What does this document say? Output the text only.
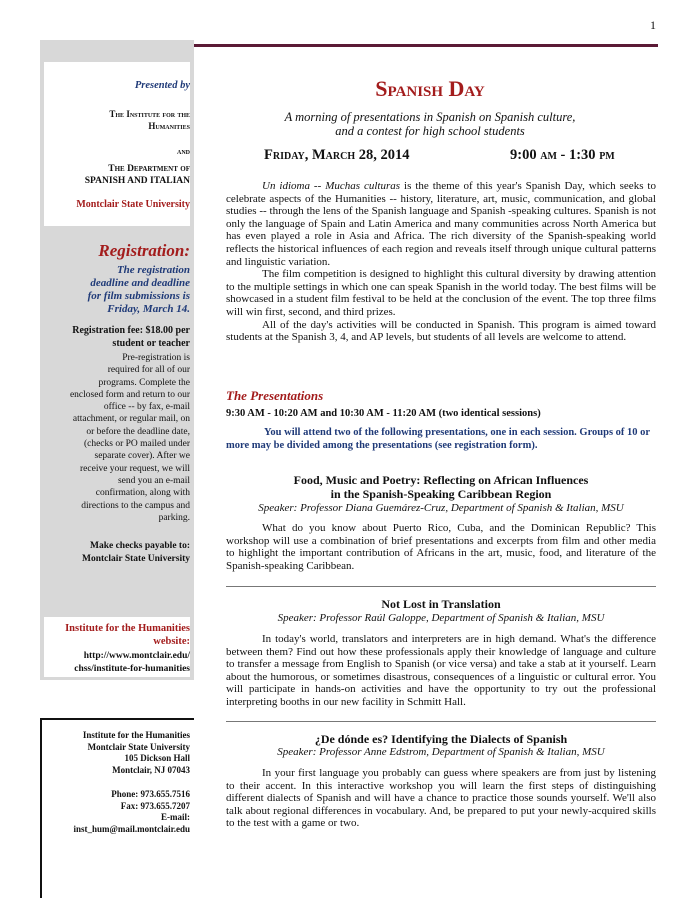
1
Presented by
The Institute for the
Humanities
and
The Department of
SPANISH AND ITALIAN
Montclair State University
Registration:
The registration
deadline and deadline
for film submissions is
Friday, March 14.
Registration fee: $18.00 per
student or teacher
Pre-registration is
required for all of our
programs. Complete the
enclosed form and return to our
office -- by fax, e-mail
attachment, or regular mail, on
or before the deadline date,
(checks or PO mailed under
separate cover). After we
receive your request, we will
send you an e-mail
confirmation, along with
directions to the campus and
parking.
Make checks payable to:
Montclair State University
Institute for the Humanities
website:
http://www.montclair.edu/
chss/institute-for-humanities
Institute for the Humanities
Montclair State University
105 Dickson Hall
Montclair, NJ 07043
Phone: 973.655.7516
Fax: 973.655.7207
E-mail:
inst_hum@mail.montclair.edu
Spanish Day
A morning of presentations in Spanish on Spanish culture,
and a contest for high school students
Friday, March 28, 2014	9:00 am - 1:30 pm

Un idioma -- Muchas culturas is the theme of this year's Spanish Day, which seeks to celebrate aspects of the Humanities -- history, literature, art, music, communication, and global studies -- through the lens of the Spanish language and Spanish -speaking cultures. Spanish is not only the language of Spain and Latin America and many communities across North America but has even played a role in Asia and Africa. The rich diversity of the Spanish-speaking world reflects the historical influences of each region and reveals itself through unique cultural patterns and linguistic variation.

The film competition is designed to highlight this cultural diversity by drawing attention to the multiple settings in which one can speak Spanish in the world today. The best films will be showcased in a student film festival to be held at the conclusion of the event. The top three films will win first, second, and third prizes.

All of the day's activities will be conducted in Spanish. This program is aimed toward students at the Spanish 3, 4, and AP levels, but students of all levels are welcome to attend.

The Presentations
9:30 AM - 10:20 AM and 10:30 AM - 11:20 AM (two identical sessions)
You will attend two of the following presentations, one in each session. Groups of 10 or more may be divided among the presentations (see registration form).
Food, Music and Poetry: Reflecting on African Influences
in the Spanish-Speaking Caribbean Region
Speaker: Professor Diana Guemárez-Cruz, Department of Spanish & Italian, MSU

What do you know about Puerto Rico, Cuba, and the Dominican Republic? This workshop will use a combination of brief presentations and excerpts from film and other media to highlight the important contribution of Africans in the art, music, food, and literature of the Spanish-speaking Caribbean.

Not Lost in Translation
Speaker: Professor Raúl Galoppe, Department of Spanish & Italian, MSU

In today's world, translators and interpreters are in high demand. What's the difference between them? Find out how these professionals apply their knowledge of language and culture to transfer a message from English to Spanish (or vice versa) and take a stab at it yourself. Learn about the humorous, or sometimes disastrous, consequences of a linguistic or cultural error. You will participate in hands-on activities and have the opportunity to try out the professional interpreting booths in our new facility in Schmitt Hall.

¿De dónde es? Identifying the Dialects of Spanish
Speaker: Professor Anne Edstrom, Department of Spanish & Italian, MSU

In your first language you probably can guess where speakers are from just by listening to their accent. In this interactive workshop you will learn the first steps of distinguishing different dialects of Spanish and will have a chance to practice those sounds yourself. We'll also talk about regional differences in vocabulary. And, be prepared to put your newly-acquired skills to the test with a game or two.
